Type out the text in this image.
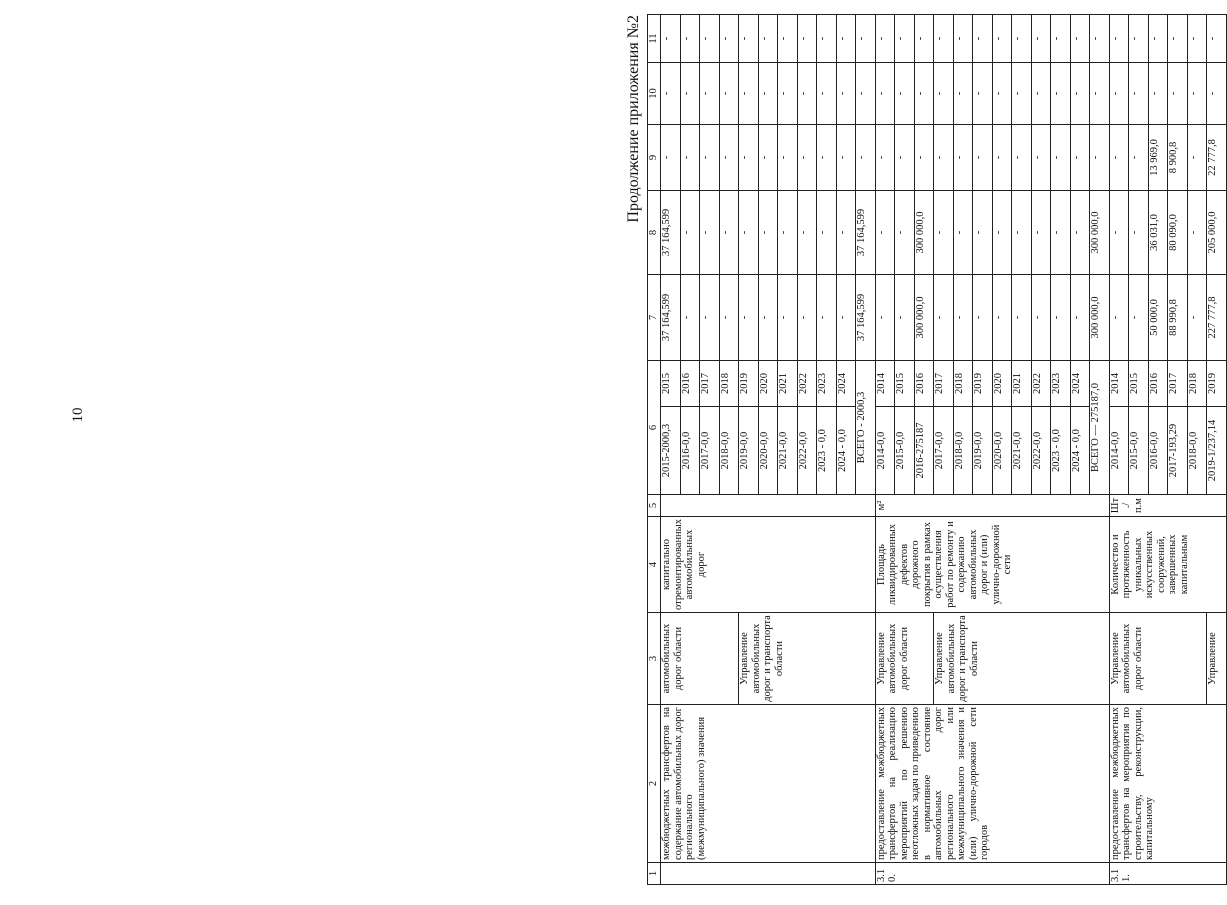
10
Продолжение приложения №2
1	2	3	4	5	6		7	8	9	10	11
	межбюджетных трансфертов на содержание автомобильных дорог регионального (межмуниципального) значения	автомобильных дорог области	капитально отремонтированных автомобильных дорог		2015-2000,3	2015	37 164,599	37 164,599	-	-	-
					2016-0,0	2016	-	-	-	-	-
					2017-0,0	2017	-	-	-	-	-
					2018-0,0	2018	-	-	-	-	-
		Управление автомобильных дорог и транспорта области			2019-0,0	2019	-	-	-	-	-
					2020-0,0	2020	-	-	-	-	-
					2021-0,0	2021	-	-	-	-	-
					2022-0,0	2022	-	-	-	-	-
					2023 - 0,0	2023	-	-	-	-	-
					2024 - 0,0	2024	-	-	-	-	-
					ВСЕГО - 2000,3		37 164,599	37 164,599	-	-	-
3.10.	предоставление межбюджетных трансфертов на реализацию мероприятий по решению неотложных задач по приведению в нормативное состояние автомобильных дорог регионального или межмуниципального значения и (или) улично-дорожной сети городов	Управление автомобильных дорог области	Площадь ликвидированных дефектов дорожного покрытия в рамках осуществления работ по ремонту и содержанию автомобильных дорог и (или) улично-дорожной сети	м²	2014-0,0	2014	-	-	-	-	-
					2015-0,0	2015	-	-	-	-	-
					2016-275187	2016	300 000,0	300 000,0	-	-	-
		Управление автомобильных дорог и транспорта области			2017-0,0	2017	-	-	-	-	-
					2018-0,0	2018	-	-	-	-	-
					2019-0,0	2019	-	-	-	-	-
					2020-0,0	2020	-	-	-	-	-
					2021-0,0	2021	-	-	-	-	-
					2022-0,0	2022	-	-	-	-	-
					2023 - 0,0	2023	-	-	-	-	-
					2024 - 0,0	2024	-	-	-	-	-
					ВСЕГО — 275187,0		300 000,0	300 000,0	-	-	-
3.11.	предоставление межбюджетных трансфертов на мероприятия по строительству, реконструкции, капитальному	Управление автомобильных дорог области	Количество и протяженность уникальных искусственных сооружений, завершенных капитальным	Шт./ п.м	2014-0,0	2014	-	-	-	-	-
					2015-0,0	2015	-	-	-	-	-
					2016-0,0	2016	50 000,0	36 031,0	13 969,0	-	-
					2017-193,29	2017	88 990,8	80 090,0	8 900,8	-	-
					2018-0,0	2018	-	-	-	-	-
		Управление			2019-1/237,14	2019	227 777,8	205 000,0	22 777,8	-	-
